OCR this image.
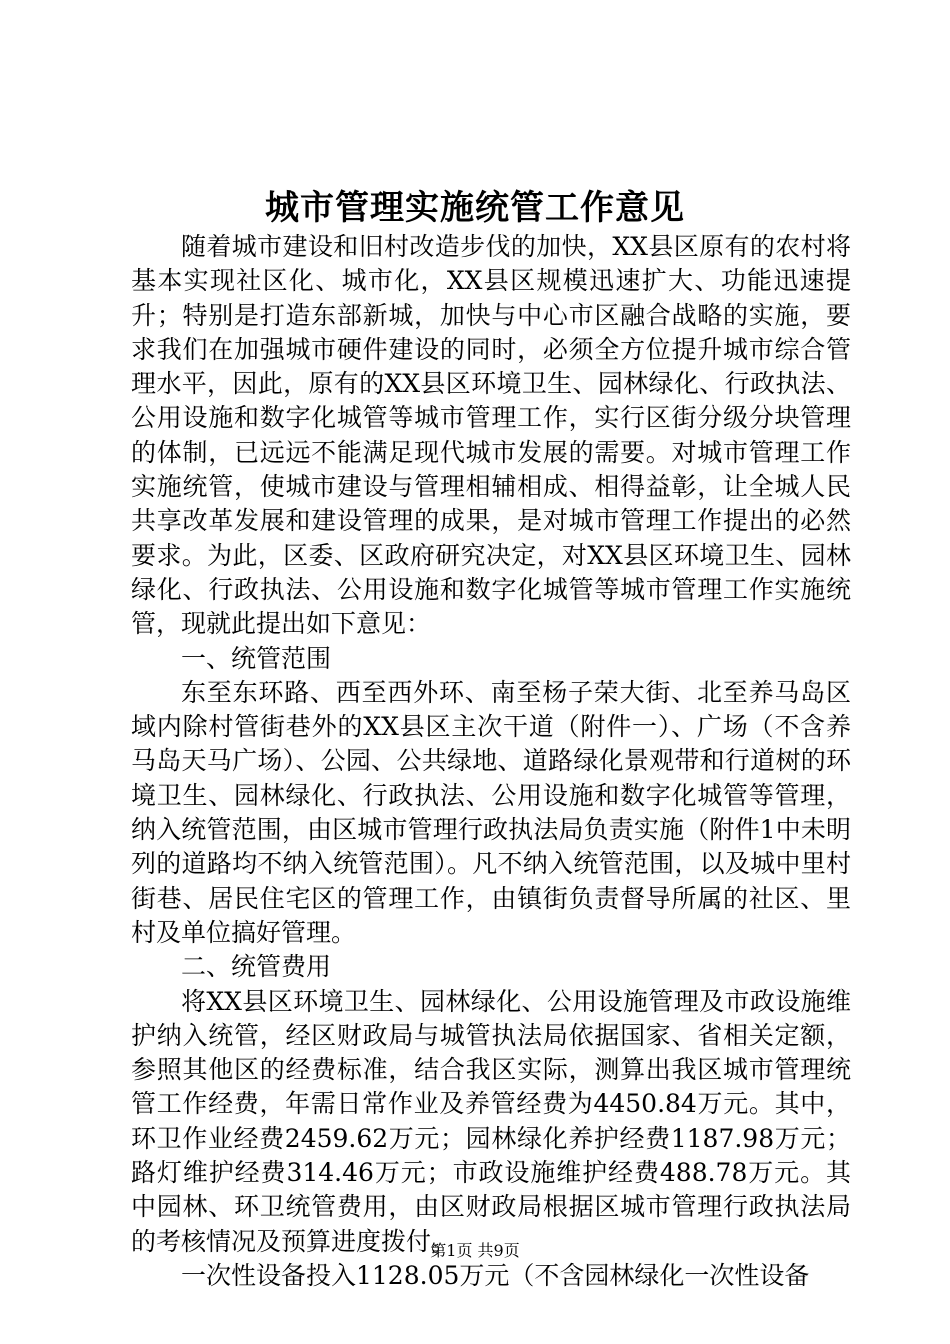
城市管理实施统管工作意见

随着城市建设和旧村改造步伐的加快，XX县区原有的农村将基本实现社区化、城市化，XX县区规模迅速扩大、功能迅速提升；特别是打造东部新城，加快与中心市区融合战略的实施，要求我们在加强城市硬件建设的同时，必须全方位提升城市综合管理水平，因此，原有的XX县区环境卫生、园林绿化、行政执法、公用设施和数字化城管等城市管理工作，实行区街分级分块管理的体制，已远远不能满足现代城市发展的需要。对城市管理工作实施统管，使城市建设与管理相辅相成、相得益彰，让全城人民共享改革发展和建设管理的成果，是对城市管理工作提出的必然要求。为此，区委、区政府研究决定，对XX县区环境卫生、园林绿化、行政执法、公用设施和数字化城管等城市管理工作实施统管，现就此提出如下意见：

一、统管范围

东至东环路、西至西外环、南至杨子荣大街、北至养马岛区域内除村管街巷外的XX县区主次干道（附件一）、广场（不含养马岛天马广场）、公园、公共绿地、道路绿化景观带和行道树的环境卫生、园林绿化、行政执法、公用设施和数字化城管等管理，纳入统管范围，由区城市管理行政执法局负责实施（附件1中未明列的道路均不纳入统管范围）。凡不纳入统管范围，以及城中里村街巷、居民住宅区的管理工作，由镇街负责督导所属的社区、里村及单位搞好管理。

二、统管费用

将XX县区环境卫生、园林绿化、公用设施管理及市政设施维护纳入统管，经区财政局与城管执法局依据国家、省相关定额，参照其他区的经费标准，结合我区实际，测算出我区城市管理统管工作经费，年需日常作业及养管经费为4450.84万元。其中，环卫作业经费2459.62万元；园林绿化养护经费1187.98万元；路灯维护经费314.46万元；市政设施维护经费488.78万元。其中园林、环卫统管费用，由区财政局根据区城市管理行政执法局的考核情况及预算进度拨付。

一次性设备投入1128.05万元（不含园林绿化一次性设备

第1页 共9页
